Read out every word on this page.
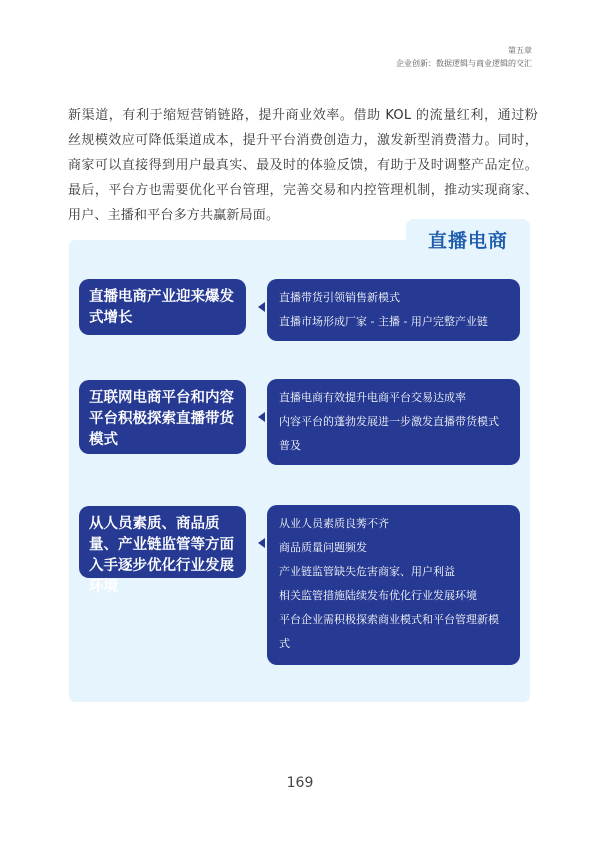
第五章
企业创新：数据逻辑与商业逻辑的交汇
新渠道，有利于缩短营销链路，提升商业效率。借助 KOL 的流量红利，通过粉丝规模效应可降低渠道成本，提升平台消费创造力，激发新型消费潜力。同时，商家可以直接得到用户最真实、最及时的体验反馈，有助于及时调整产品定位。最后，平台方也需要优化平台管理，完善交易和内控管理机制，推动实现商家、用户、主播和平台多方共赢新局面。
直播电商
直播电商产业迎来爆发式增长
直播带货引领销售新模式
直播市场形成厂家 - 主播 - 用户完整产业链
互联网电商平台和内容平台积极探索直播带货模式
直播电商有效提升电商平台交易达成率
内容平台的蓬勃发展进一步激发直播带货模式普及
从人员素质、商品质量、产业链监管等方面入手逐步优化行业发展环境
从业人员素质良莠不齐
商品质量问题频发
产业链监管缺失危害商家、用户利益
相关监管措施陆续发布优化行业发展环境
平台企业需积极探索商业模式和平台管理新模式
169
